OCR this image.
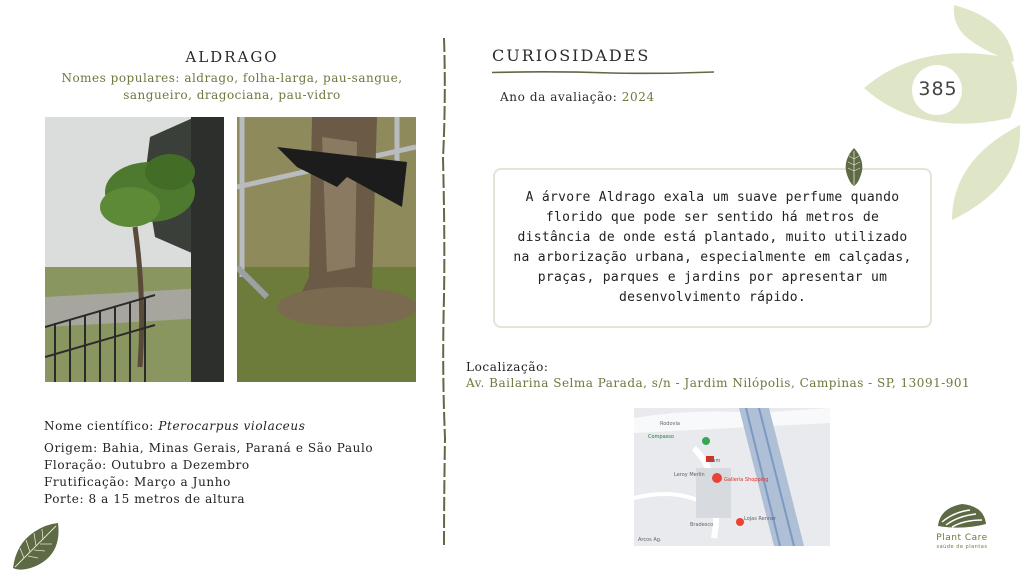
ALDRAGO
Nomes populares: aldrago, folha-larga, pau-sangue, sangueiro, dragociana, pau-vidro
Nome científico: Pterocarpus violaceus
Origem: Bahia, Minas Gerais, Paraná e São Paulo
Floração: Outubro a Dezembro
Frutificação: Março a Junho
Porte: 8 a 15 metros de altura
CURIOSIDADES
Ano da avaliação: 2024

A árvore Aldrago exala um suave perfume quando florido que pode ser sentido há metros de distância de onde está plantado, muito utilizado na arborização urbana, especialmente em calçadas, praças, parques e jardins por apresentar um desenvolvimento rápido.

Localização:
Av. Bailarina Selma Parada, s/n - Jardim Nilópolis, Campinas - SP, 13091-901
Rodovia
Compasso
Fam
Galleria Shopping
Leroy Merlin
Lojas Renner
Bradesco
Arcos Ag.
385
Plant Care
saúde de plantas
